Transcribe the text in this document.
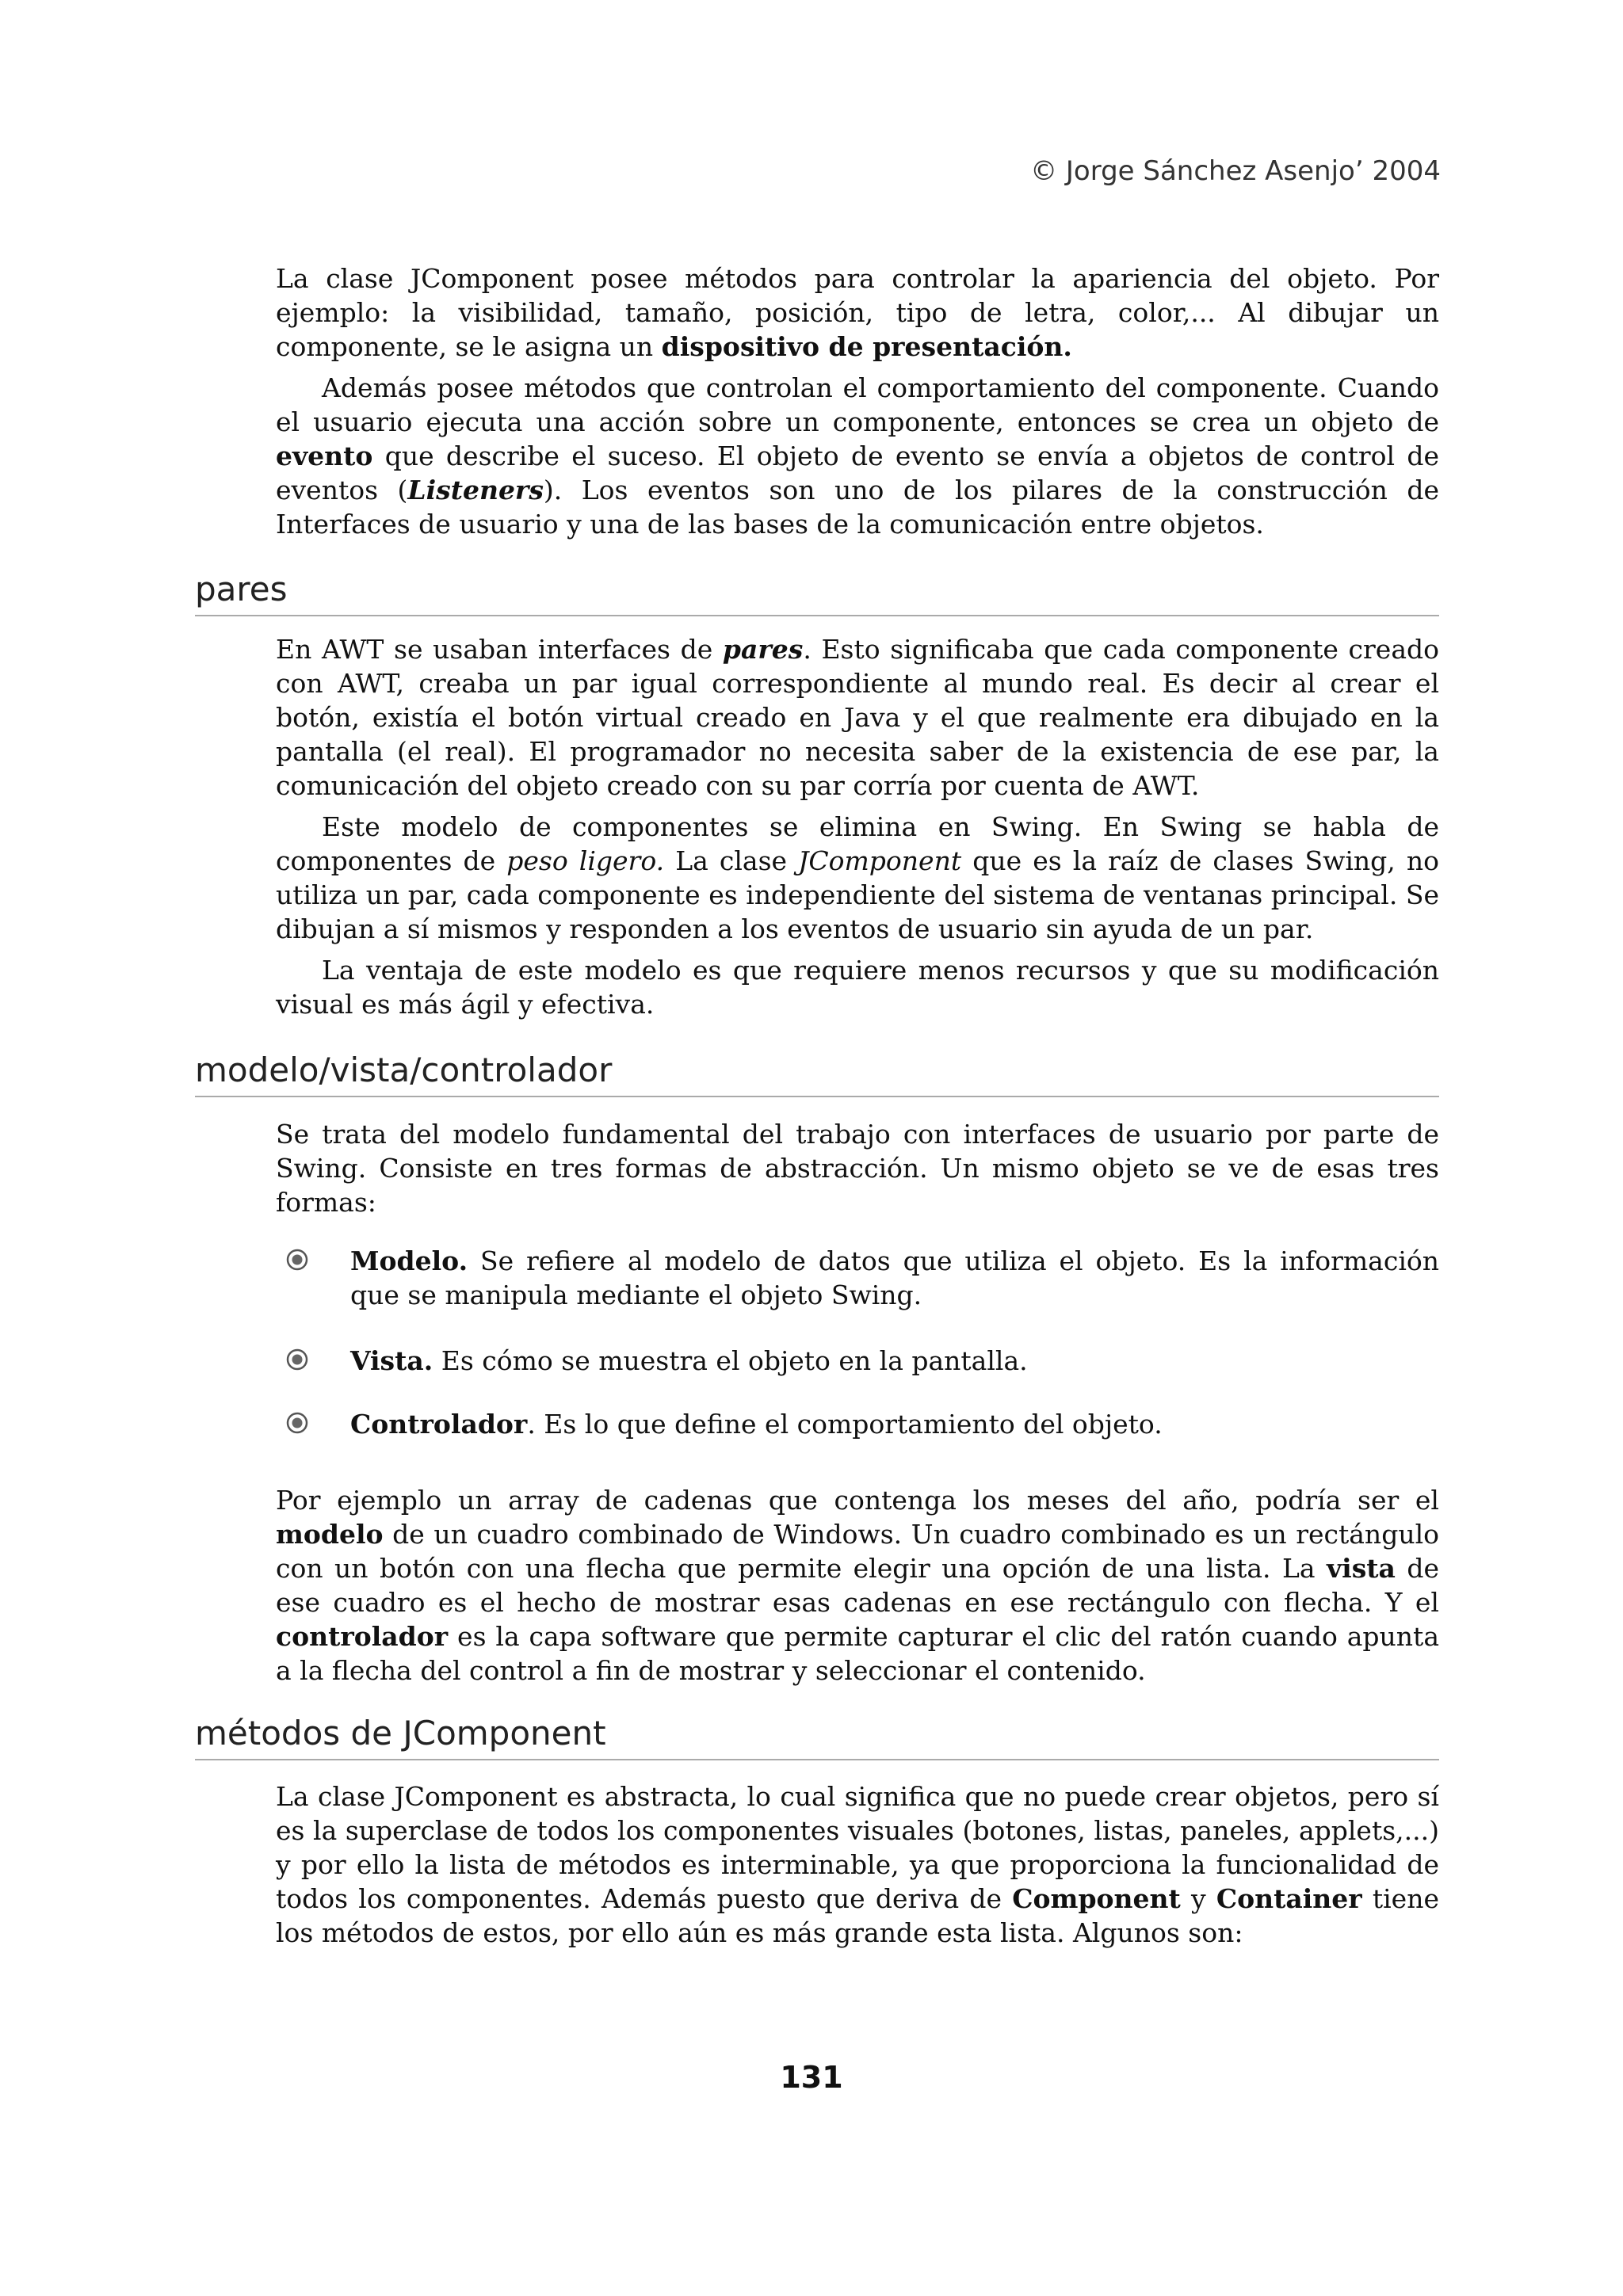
© Jorge Sánchez Asenjo’ 2004

La clase JComponent posee métodos para controlar la apariencia del objeto. Por ejemplo: la visibilidad, tamaño, posición, tipo de letra, color,... Al dibujar un componente, se le asigna un dispositivo de presentación.

Además posee métodos que controlan el comportamiento del componente. Cuando el usuario ejecuta una acción sobre un componente, entonces se crea un objeto de evento que describe el suceso. El objeto de evento se envía a objetos de control de eventos (Listeners). Los eventos son uno de los pilares de la construcción de Interfaces de usuario y una de las bases de la comunicación entre objetos.

pares

En AWT se usaban interfaces de pares. Esto significaba que cada componente creado con AWT, creaba un par igual correspondiente al mundo real. Es decir al crear el botón, existía el botón virtual creado en Java y el que realmente era dibujado en la pantalla (el real). El programador no necesita saber de la existencia de ese par, la comunicación del objeto creado con su par corría por cuenta de AWT.

Este modelo de componentes se elimina en Swing. En Swing se habla de componentes de peso ligero. La clase JComponent que es la raíz de clases Swing, no utiliza un par, cada componente es independiente del sistema de ventanas principal. Se dibujan a sí mismos y responden a los eventos de usuario sin ayuda de un par.

La ventaja de este modelo es que requiere menos recursos y que su modificación visual es más ágil y efectiva.

modelo/vista/controlador

Se trata del modelo fundamental del trabajo con interfaces de usuario por parte de Swing. Consiste en tres formas de abstracción. Un mismo objeto se ve de esas tres formas:

Modelo. Se refiere al modelo de datos que utiliza el objeto. Es la información que se manipula mediante el objeto Swing.
Vista. Es cómo se muestra el objeto en la pantalla.
Controlador. Es lo que define el comportamiento del objeto.

Por ejemplo un array de cadenas que contenga los meses del año, podría ser el modelo de un cuadro combinado de Windows. Un cuadro combinado es un rectángulo con un botón con una flecha que permite elegir una opción de una lista. La vista de ese cuadro es el hecho de mostrar esas cadenas en ese rectángulo con flecha. Y el controlador es la capa software que permite capturar el clic del ratón cuando apunta a la flecha del control a fin de mostrar y seleccionar el contenido.

métodos de JComponent

La clase JComponent es abstracta, lo cual significa que no puede crear objetos, pero sí es la superclase de todos los componentes visuales (botones, listas, paneles, applets,...) y por ello la lista de métodos es interminable, ya que proporciona la funcionalidad de todos los componentes. Además puesto que deriva de Component y Container tiene los métodos de estos, por ello aún es más grande esta lista. Algunos son:

131
